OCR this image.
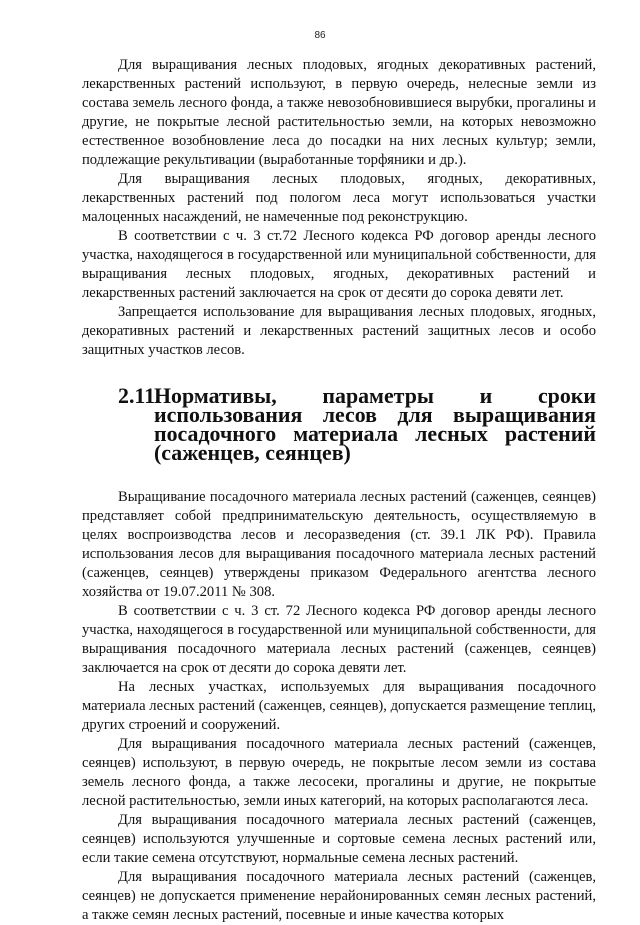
86

Для выращивания лесных плодовых, ягодных декоративных растений, лекарственных растений используют, в первую очередь, нелесные земли из состава земель лесного фонда, а также невозобновившиеся вырубки, прогалины и другие, не покрытые лесной растительностью земли, на которых невозможно естественное возобновление леса до посадки на них лесных культур; земли, подлежащие рекультивации (выработанные торфяники и др.).

Для выращивания лесных плодовых, ягодных, декоративных, лекарственных растений под пологом леса могут использоваться участки малоценных насаждений, не намеченные под реконструкцию.

В соответствии с ч. 3 ст.72 Лесного кодекса РФ договор аренды лесного участка, находящегося в государственной или муниципальной собственности, для выращивания лесных плодовых, ягодных, декоративных растений и лекарственных растений заключается на срок от десяти до сорока девяти лет.

Запрещается использование для выращивания лесных плодовых, ягодных, декоративных растений и лекарственных растений защитных лесов и особо защитных участков лесов.

2.11.
Нормативы, параметры и сроки использования лесов для выращивания посадочного материала лесных растений (саженцев, сеянцев)

Выращивание посадочного материала лесных растений (саженцев, сеянцев) представляет собой предпринимательскую деятельность, осуществляемую в целях воспроизводства лесов и лесоразведения (ст. 39.1 ЛК РФ). Правила использования лесов для выращивания посадочного материала лесных растений (саженцев, сеянцев) утверждены приказом Федерального агентства лесного хозяйства от 19.07.2011 № 308.

В соответствии с ч. 3 ст. 72 Лесного кодекса РФ договор аренды лесного участка, находящегося в государственной или муниципальной собственности, для выращивания посадочного материала лесных растений (саженцев, сеянцев) заключается на срок от десяти до сорока девяти лет.

На лесных участках, используемых для выращивания посадочного материала лесных растений (саженцев, сеянцев), допускается размещение теплиц, других строений и сооружений.

Для выращивания посадочного материала лесных растений (саженцев, сеянцев) используют, в первую очередь, не покрытые лесом земли из состава земель лесного фонда, а также лесосеки, прогалины и другие, не покрытые лесной растительностью, земли иных категорий, на которых располагаются леса.

Для выращивания посадочного материала лесных растений (саженцев, сеянцев) используются улучшенные и сортовые семена лесных растений или, если такие семена отсутствуют, нормальные семена лесных растений.

Для выращивания посадочного материала лесных растений (саженцев, сеянцев) не допускается применение нерайонированных семян лесных растений, а также семян лесных растений, посевные и иные качества которых
